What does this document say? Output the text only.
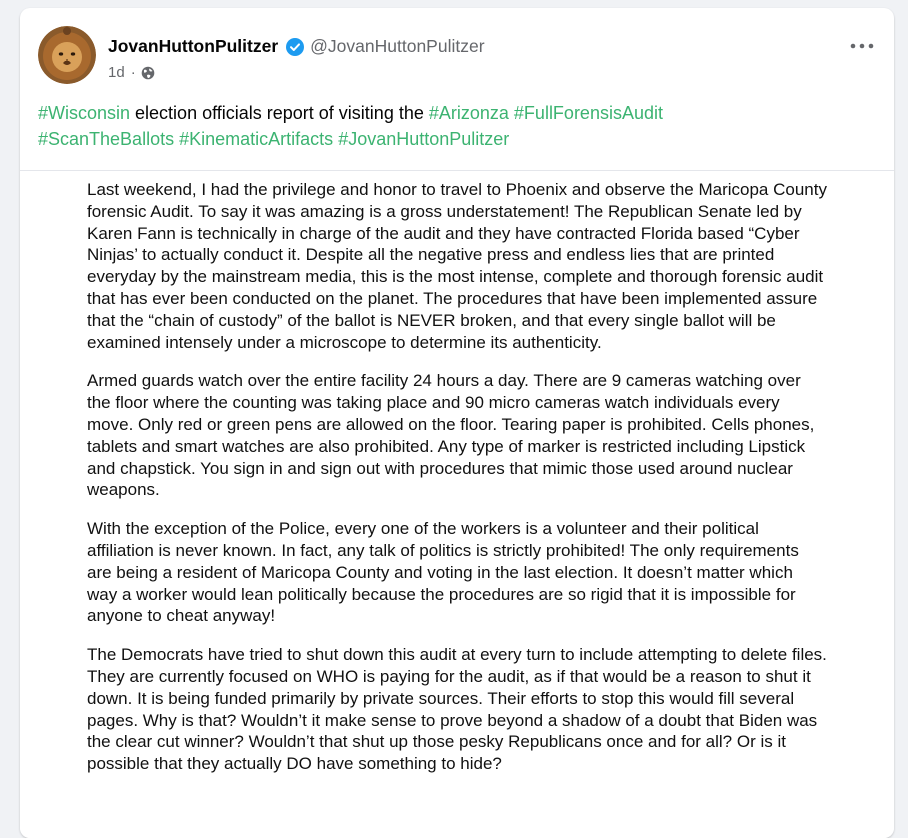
JovanHuttonPulitzer @JovanHuttonPulitzer
1d ·
#Wisconsin election officials report of visiting the #Arizonza #FullForensisAudit
#ScanTheBallots #KinematicArtifacts #JovanHuttonPulitzer

Last weekend, I had the privilege and honor to travel to Phoenix and observe the Maricopa County forensic Audit. To say it was amazing is a gross understatement! The Republican Senate led by Karen Fann is technically in charge of the audit and they have contracted Florida based “Cyber Ninjas’ to actually conduct it. Despite all the negative press and endless lies that are printed everyday by the mainstream media, this is the most intense, complete and thorough forensic audit that has ever been conducted on the planet. The procedures that have been implemented assure that the “chain of custody” of the ballot is NEVER broken, and that every single ballot will be examined intensely under a microscope to determine its authenticity.

Armed guards watch over the entire facility 24 hours a day. There are 9 cameras watching over the floor where the counting was taking place and 90 micro cameras watch individuals every move. Only red or green pens are allowed on the floor. Tearing paper is prohibited. Cells phones, tablets and smart watches are also prohibited. Any type of marker is restricted including Lipstick and chapstick. You sign in and sign out with procedures that mimic those used around nuclear weapons.

With the exception of the Police, every one of the workers is a volunteer and their political affiliation is never known. In fact, any talk of politics is strictly prohibited! The only requirements are being a resident of Maricopa County and voting in the last election. It doesn’t matter which way a worker would lean politically because the procedures are so rigid that it is impossible for anyone to cheat anyway!

The Democrats have tried to shut down this audit at every turn to include attempting to delete files. They are currently focused on WHO is paying for the audit, as if that would be a reason to shut it down. It is being funded primarily by private sources. Their efforts to stop this would fill several pages. Why is that? Wouldn’t it make sense to prove beyond a shadow of a doubt that Biden was the clear cut winner? Wouldn’t that shut up those pesky Republicans once and for all? Or is it possible that they actually DO have something to hide?
